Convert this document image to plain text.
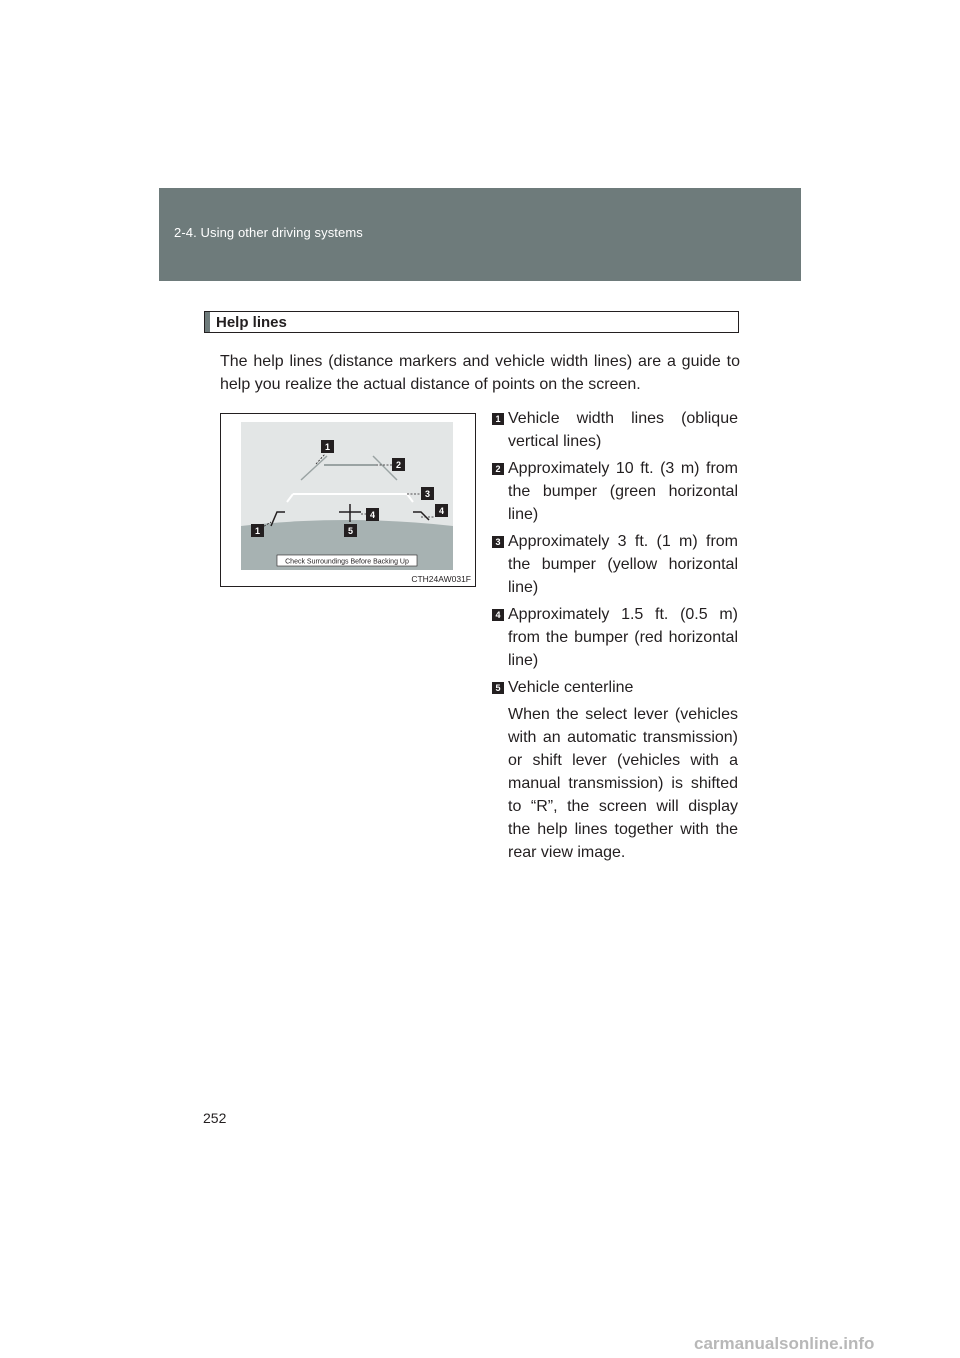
2-4. Using other driving systems
Help lines
The help lines (distance markers and vehicle width lines) are a guide to help you realize the actual distance of points on the screen.
1
2
3
4
4
5
1
Check Surroundings Before Backing Up
CTH24AW031F
1 Vehicle width lines (oblique vertical lines)
2 Approximately 10 ft. (3 m) from the bumper (green horizontal line)
3 Approximately 3 ft. (1 m) from the bumper (yellow horizontal line)
4 Approximately 1.5 ft. (0.5 m) from the bumper (red horizontal line)
5 Vehicle centerline
When the select lever (vehicles with an automatic transmission) or shift lever (vehicles with a manual transmission) is shifted to “R”, the screen will display the help lines together with the rear view image.
252
carmanualsonline.info
